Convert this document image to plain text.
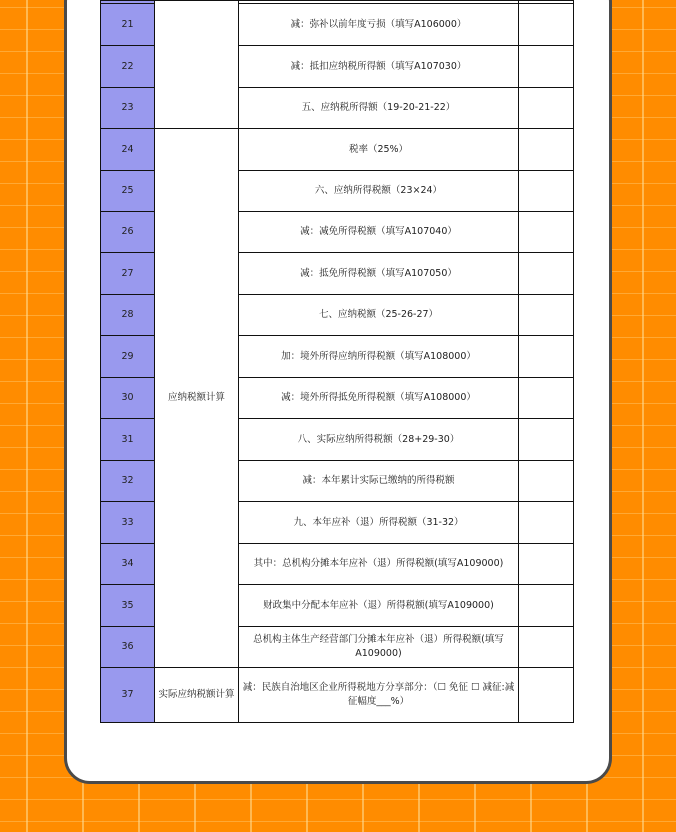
21		减：弥补以前年度亏损（填写A106000）	
22		减：抵扣应纳税所得额（填写A107030）	
23		五、应纳税所得额（19-20-21-22）	
24	应纳税额计算	税率（25%）	
25		六、应纳所得税额（23×24）	
26		减：减免所得税额（填写A107040）	
27		减：抵免所得税额（填写A107050）	
28		七、应纳税额（25-26-27）	
29		加：境外所得应纳所得税额（填写A108000）	
30		减：境外所得抵免所得税额（填写A108000）	
31		八、实际应纳所得税额（28+29-30）	
32		减：本年累计实际已缴纳的所得税额	
33		九、本年应补（退）所得税额（31-32）	
34		其中：总机构分摊本年应补（退）所得税额(填写A109000)	
35		财政集中分配本年应补（退）所得税额(填写A109000)	
36		总机构主体生产经营部门分摊本年应补（退）所得税额(填写A109000)	
37	实际应纳税额计算	减：民族自治地区企业所得税地方分享部分：（☐ 免征 ☐ 减征:减征幅度___%）	
